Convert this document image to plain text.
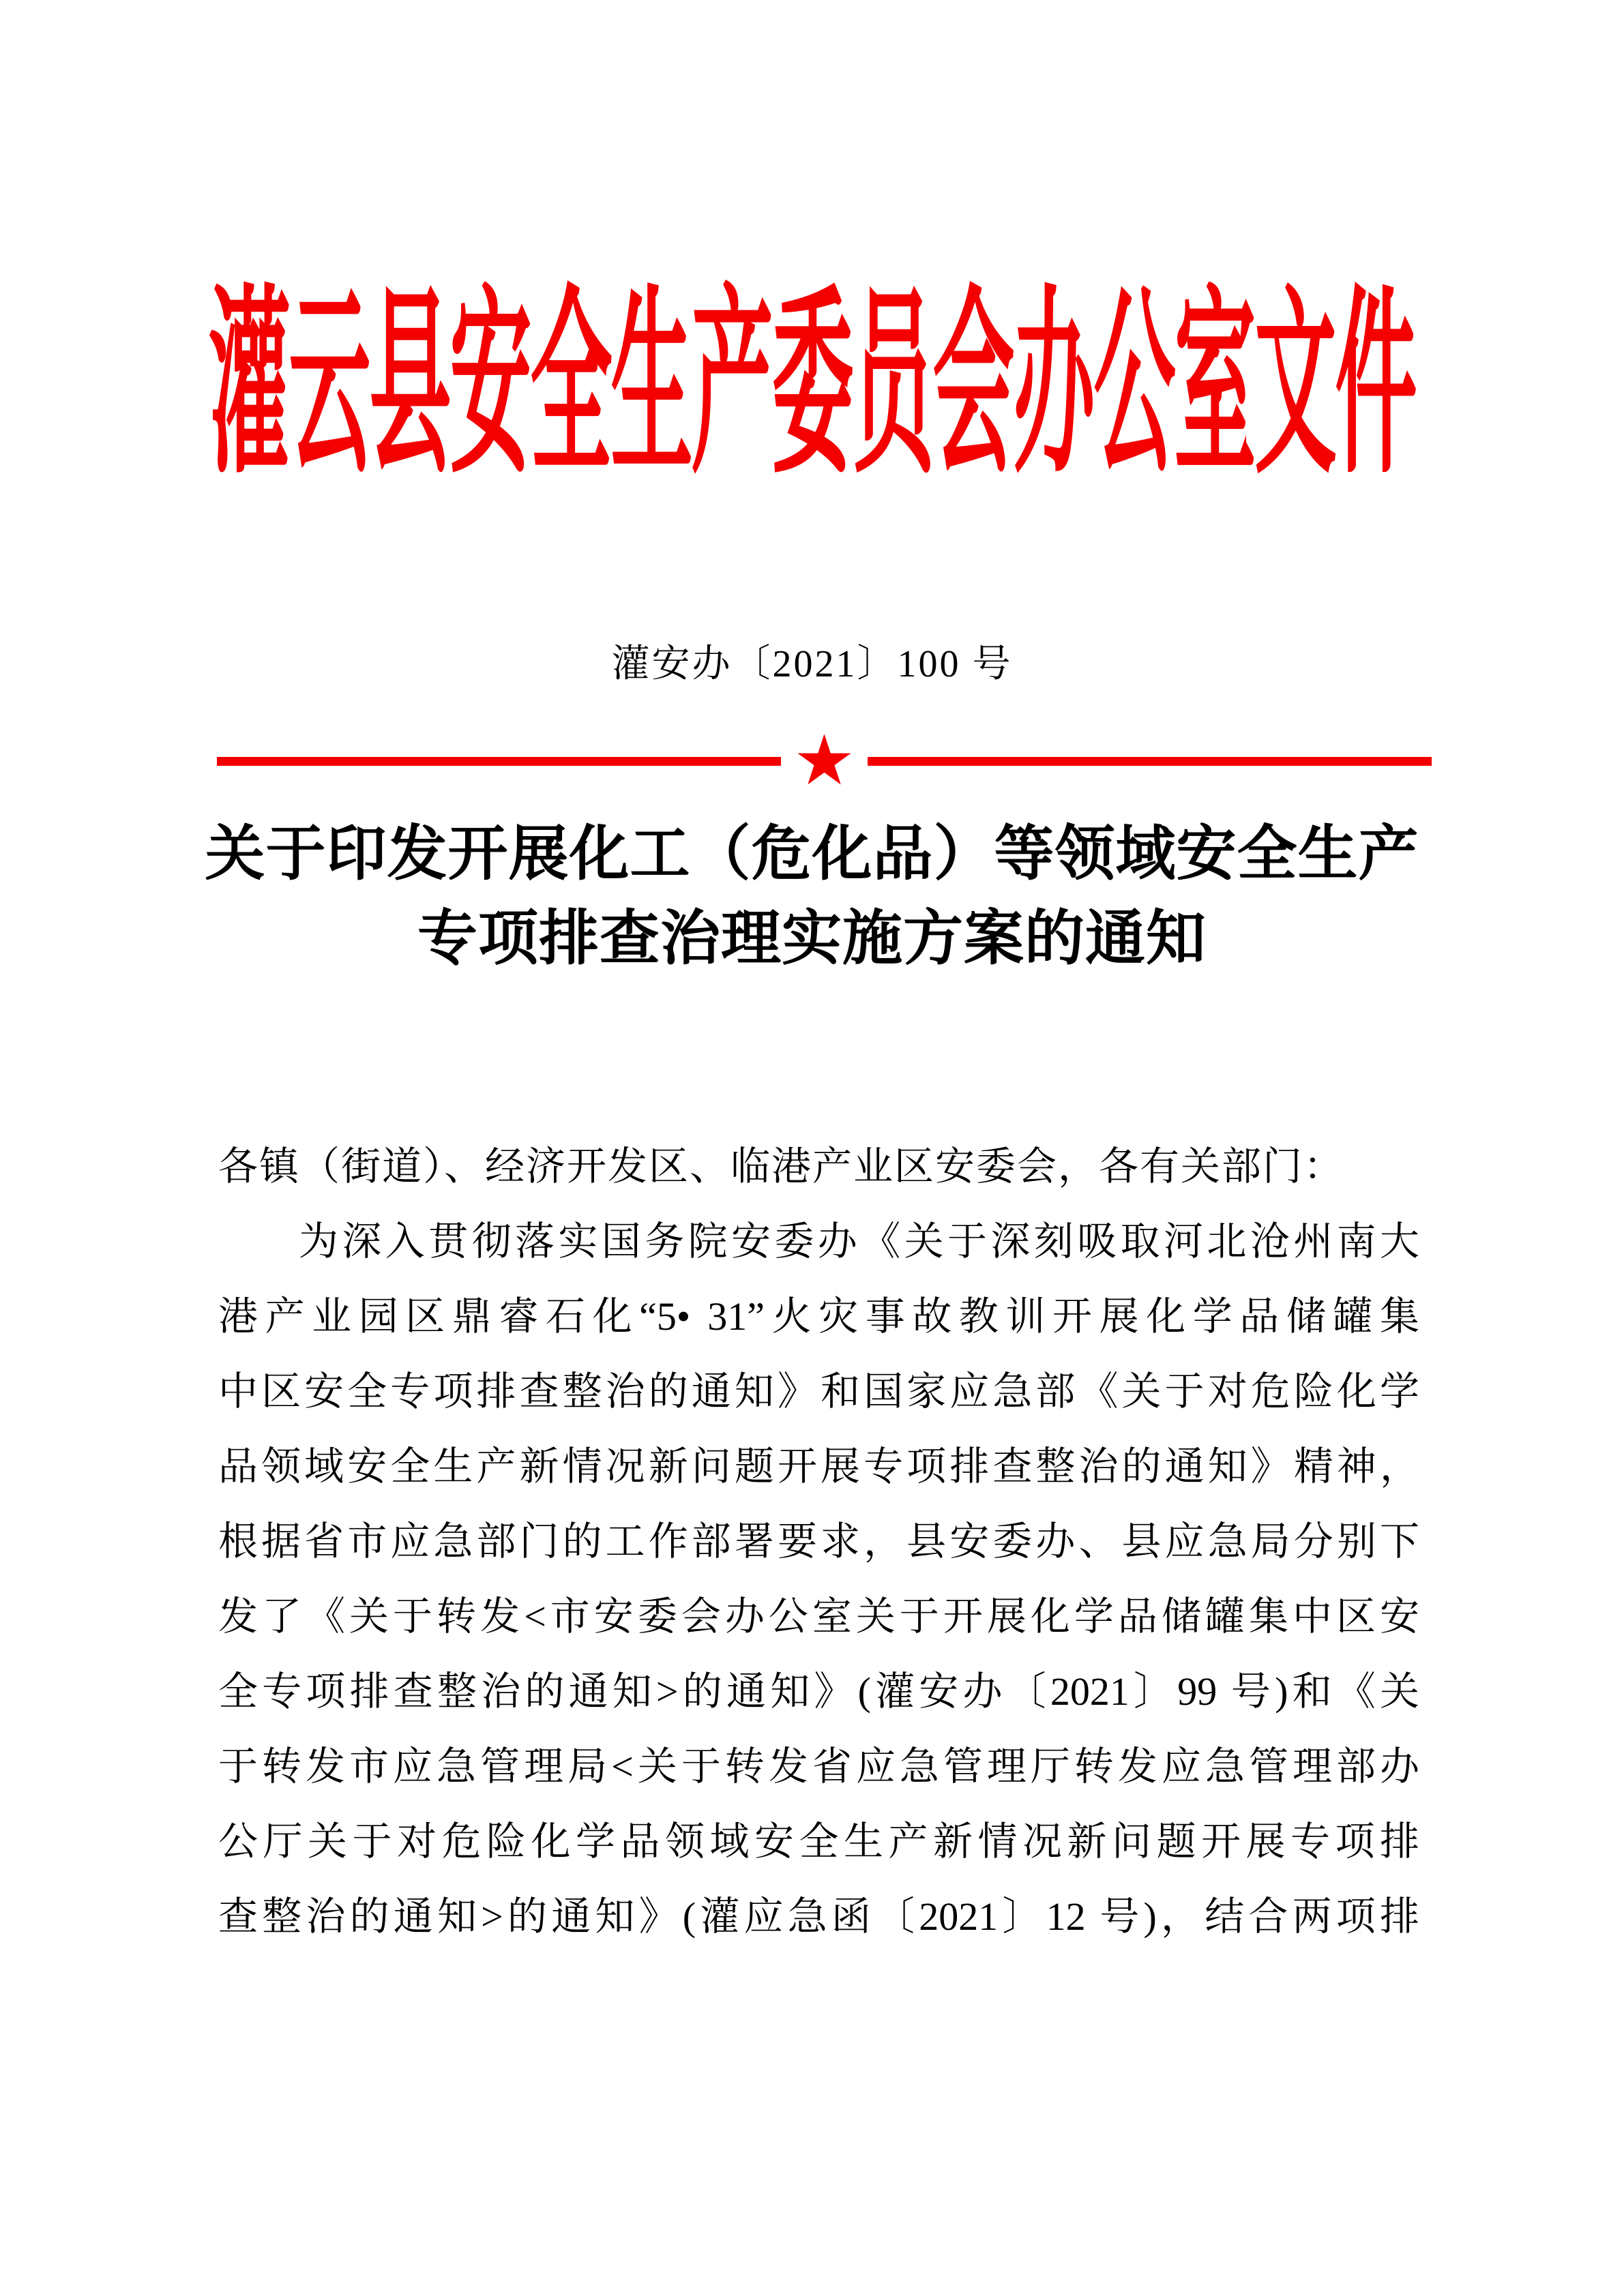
灌云县安全生产委员会办公室文件
灌安办〔2021〕100 号
★
关于印发开展化工（危化品）等领域安全生产
专项排查治理实施方案的通知
各镇（街道）、经济开发区、临港产业区安委会，各有关部门：
为深入贯彻落实国务院安委办《关于深刻吸取河北沧州南大
港产业园区鼎睿石化“5• 31”火灾事故教训开展化学品储罐集
中区安全专项排查整治的通知》和国家应急部《关于对危险化学
品领域安全生产新情况新问题开展专项排查整治的通知》精神，
根据省市应急部门的工作部署要求，县安委办、县应急局分别下
发了《关于转发<市安委会办公室关于开展化学品储罐集中区安
全专项排查整治的通知>的通知》(灌安办〔2021〕99 号)和《关
于转发市应急管理局<关于转发省应急管理厅转发应急管理部办
公厅关于对危险化学品领域安全生产新情况新问题开展专项排
查整治的通知>的通知》(灌应急函〔2021〕12 号)，结合两项排
